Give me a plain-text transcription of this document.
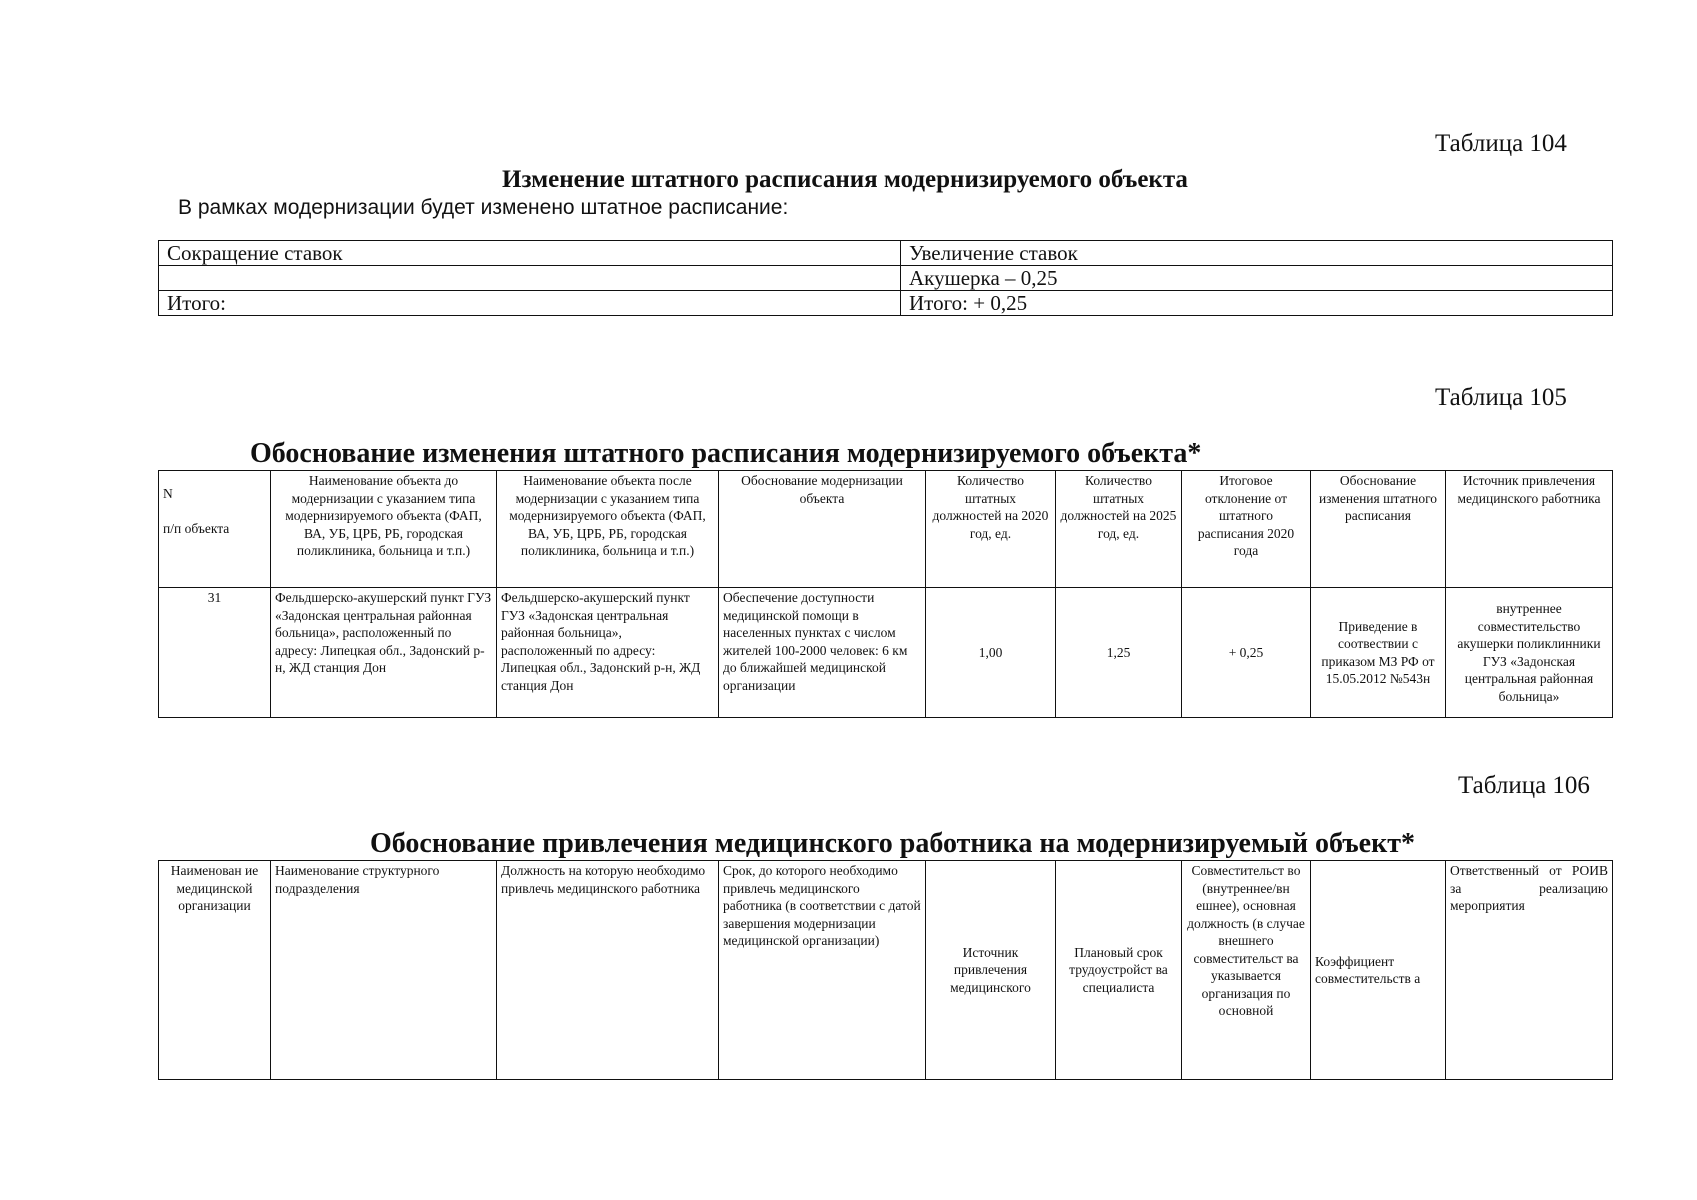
Таблица 104
Изменение штатного расписания модернизируемого объекта
В рамках модернизации будет изменено штатное расписание:
Сокращение ставок	Увеличение ставок
	Акушерка – 0,25
Итого:	Итого: + 0,25
Таблица 105
Обоснование изменения штатного расписания модернизируемого объекта*
N

п/п объекта	Наименование объекта до модернизации с указанием типа модернизируемого объекта (ФАП, ВА, УБ, ЦРБ, РБ, городская поликлиника, больница и т.п.)	Наименование объекта после модернизации с указанием типа модернизируемого объекта (ФАП, ВА, УБ, ЦРБ, РБ, городская поликлиника, больница и т.п.)	Обоснование модернизации объекта	Количество штатных должностей на 2020 год, ед.	Количество штатных должностей на 2025 год, ед.	Итоговое отклонение от штатного расписания 2020 года	Обоснование изменения штатного расписания	Источник привлечения медицинского работника
31	Фельдшерско-акушерский пункт ГУЗ «Задонская центральная районная больница», расположенный по адресу: Липецкая обл., Задонский р-н, ЖД станция Дон	Фельдшерско-акушерский пункт ГУЗ «Задонская центральная районная больница», расположенный по адресу: Липецкая обл., Задонский р-н, ЖД станция Дон	Обеспечение доступности медицинской помощи в населенных пунктах с числом жителей 100-2000 человек: 6 км до ближайшей медицинской организации	1,00	1,25	+ 0,25	Приведение в соотвествии с приказом МЗ РФ от 15.05.2012 №543н	внутреннее совместительство акушерки поликлинники ГУЗ «Задонская центральная районная больница»
Таблица 106
Обоснование привлечения медицинского работника на модернизируемый объект*
Наименован ие медицинской организации	Наименование структурного подразделения	Должность на которую необходимо привлечь медицинского работника	Срок, до которого необходимо привлечь медицинского работника (в соответствии с датой завершения модернизации медицинской организации)	Источник привлечения медицинского	Плановый срок трудоустройст ва специалиста	Совместительст во (внутреннее/вн ешнее), основная должность (в случае внешнего совместительст ва указывается организация по основной	Коэффициент совместительств а	Ответственный от РОИВ за реализацию мероприятия
